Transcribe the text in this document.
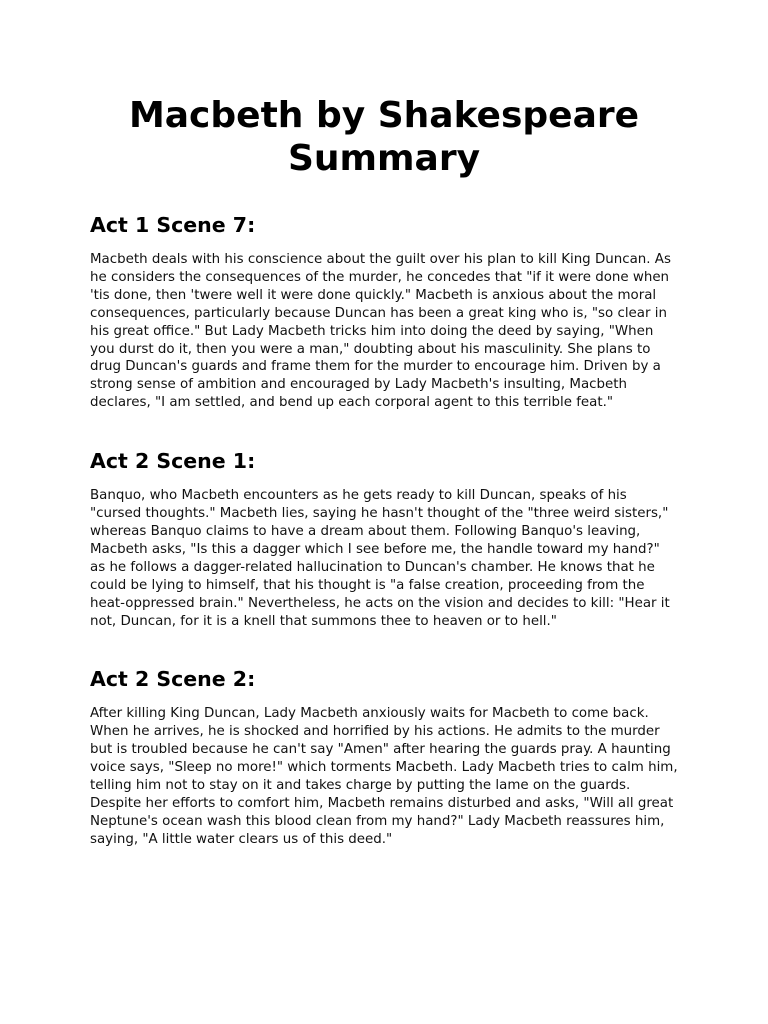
Macbeth by Shakespeare Summary
Act 1 Scene 7:

Macbeth deals with his conscience about the guilt over his plan to kill King Duncan. As he considers the consequences of the murder, he concedes that "if it were done when 'tis done, then 'twere well it were done quickly." Macbeth is anxious about the moral consequences, particularly because Duncan has been a great king who is, "so clear in his great office." But Lady Macbeth tricks him into doing the deed by saying, "When you durst do it, then you were a man," doubting about his masculinity. She plans to drug Duncan's guards and frame them for the murder to encourage him. Driven by a strong sense of ambition and encouraged by Lady Macbeth's insulting, Macbeth declares, "I am settled, and bend up each corporal agent to this terrible feat."

Act 2 Scene 1:

Banquo, who Macbeth encounters as he gets ready to kill Duncan, speaks of his "cursed thoughts." Macbeth lies, saying he hasn't thought of the "three weird sisters," whereas Banquo claims to have a dream about them. Following Banquo's leaving, Macbeth asks, "Is this a dagger which I see before me, the handle toward my hand?" as he follows a dagger-related hallucination to Duncan's chamber. He knows that he could be lying to himself, that his thought is "a false creation, proceeding from the heat-oppressed brain." Nevertheless, he acts on the vision and decides to kill: "Hear it not, Duncan, for it is a knell that summons thee to heaven or to hell."

Act 2 Scene 2:

After killing King Duncan, Lady Macbeth anxiously waits for Macbeth to come back. When he arrives, he is shocked and horrified by his actions. He admits to the murder but is troubled because he can't say "Amen" after hearing the guards pray. A haunting voice says, "Sleep no more!" which torments Macbeth. Lady Macbeth tries to calm him, telling him not to stay on it and takes charge by putting the lame on the guards. Despite her efforts to comfort him, Macbeth remains disturbed and asks, "Will all great Neptune's ocean wash this blood clean from my hand?" Lady Macbeth reassures him, saying, "A little water clears us of this deed."
